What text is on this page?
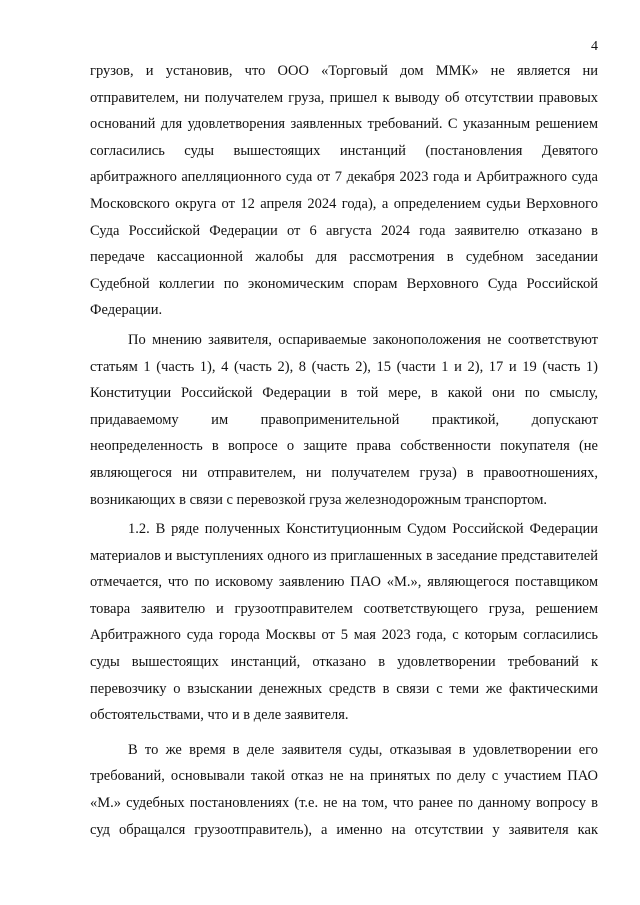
4

грузов, и установив, что ООО «Торговый дом ММК» не является ни отправителем, ни получателем груза, пришел к выводу об отсутствии правовых оснований для удовлетворения заявленных требований. С указанным решением согласились суды вышестоящих инстанций (постановления Девятого арбитражного апелляционного суда от 7 декабря 2023 года и Арбитражного суда Московского округа от 12 апреля 2024 года), а определением судьи Верховного Суда Российской Федерации от 6 августа 2024 года заявителю отказано в передаче кассационной жалобы для рассмотрения в судебном заседании Судебной коллегии по экономическим спорам Верховного Суда Российской Федерации.

По мнению заявителя, оспариваемые законоположения не соответствуют статьям 1 (часть 1), 4 (часть 2), 8 (часть 2), 15 (части 1 и 2), 17 и 19 (часть 1) Конституции Российской Федерации в той мере, в какой они по смыслу, придаваемому им правоприменительной практикой, допускают неопределенность в вопросе о защите права собственности покупателя (не являющегося ни отправителем, ни получателем груза) в правоотношениях, возникающих в связи с перевозкой груза железнодорожным транспортом.

1.2. В ряде полученных Конституционным Судом Российской Федерации материалов и выступлениях одного из приглашенных в заседание представителей отмечается, что по исковому заявлению ПАО «М.», являющегося поставщиком товара заявителю и грузоотправителем соответствующего груза, решением Арбитражного суда города Москвы от 5 мая 2023 года, с которым согласились суды вышестоящих инстанций, отказано в удовлетворении требований к перевозчику о взыскании денежных средств в связи с теми же фактическими обстоятельствами, что и в деле заявителя.

В то же время в деле заявителя суды, отказывая в удовлетворении его требований, основывали такой отказ не на принятых по делу с участием ПАО «М.» судебных постановлениях (т.е. не на том, что ранее по данному вопросу в суд обращался грузоотправитель), а именно на отсутствии у заявителя как
